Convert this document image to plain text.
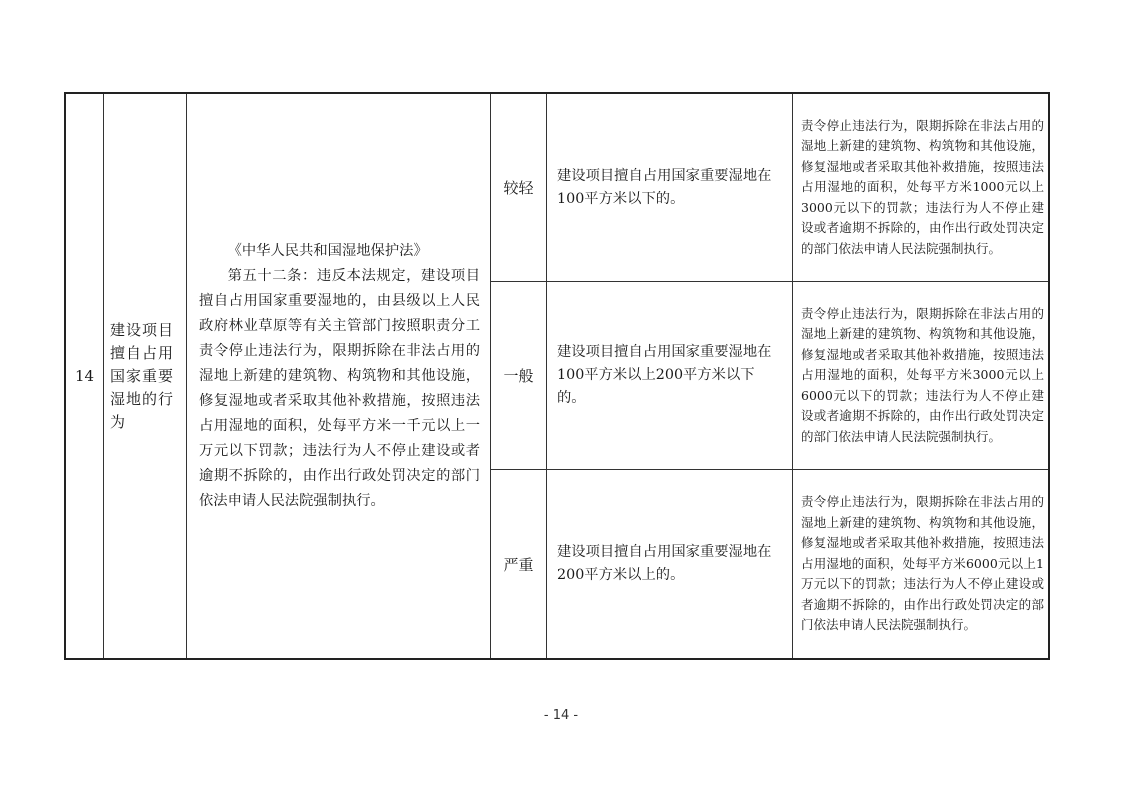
14
建设项目擅自占用国家重要湿地的行为
《中华人民共和国湿地保护法》
第五十二条：违反本法规定，建设项目擅自占用国家重要湿地的，由县级以上人民政府林业草原等有关主管部门按照职责分工责令停止违法行为，限期拆除在非法占用的湿地上新建的建筑物、构筑物和其他设施，修复湿地或者采取其他补救措施，按照违法占用湿地的面积，处每平方米一千元以上一万元以下罚款；违法行为人不停止建设或者逾期不拆除的，由作出行政处罚决定的部门依法申请人民法院强制执行。
较轻
建设项目擅自占用国家重要湿地在100平方米以下的。
责令停止违法行为，限期拆除在非法占用的湿地上新建的建筑物、构筑物和其他设施，修复湿地或者采取其他补救措施，按照违法占用湿地的面积，处每平方米1000元以上3000元以下的罚款；违法行为人不停止建设或者逾期不拆除的，由作出行政处罚决定的部门依法申请人民法院强制执行。
一般
建设项目擅自占用国家重要湿地在100平方米以上200平方米以下的。
责令停止违法行为，限期拆除在非法占用的湿地上新建的建筑物、构筑物和其他设施，修复湿地或者采取其他补救措施，按照违法占用湿地的面积，处每平方米3000元以上6000元以下的罚款；违法行为人不停止建设或者逾期不拆除的，由作出行政处罚决定的部门依法申请人民法院强制执行。
严重
建设项目擅自占用国家重要湿地在200平方米以上的。
责令停止违法行为，限期拆除在非法占用的湿地上新建的建筑物、构筑物和其他设施，修复湿地或者采取其他补救措施，按照违法占用湿地的面积，处每平方米6000元以上1万元以下的罚款；违法行为人不停止建设或者逾期不拆除的，由作出行政处罚决定的部门依法申请人民法院强制执行。
- 14 -
